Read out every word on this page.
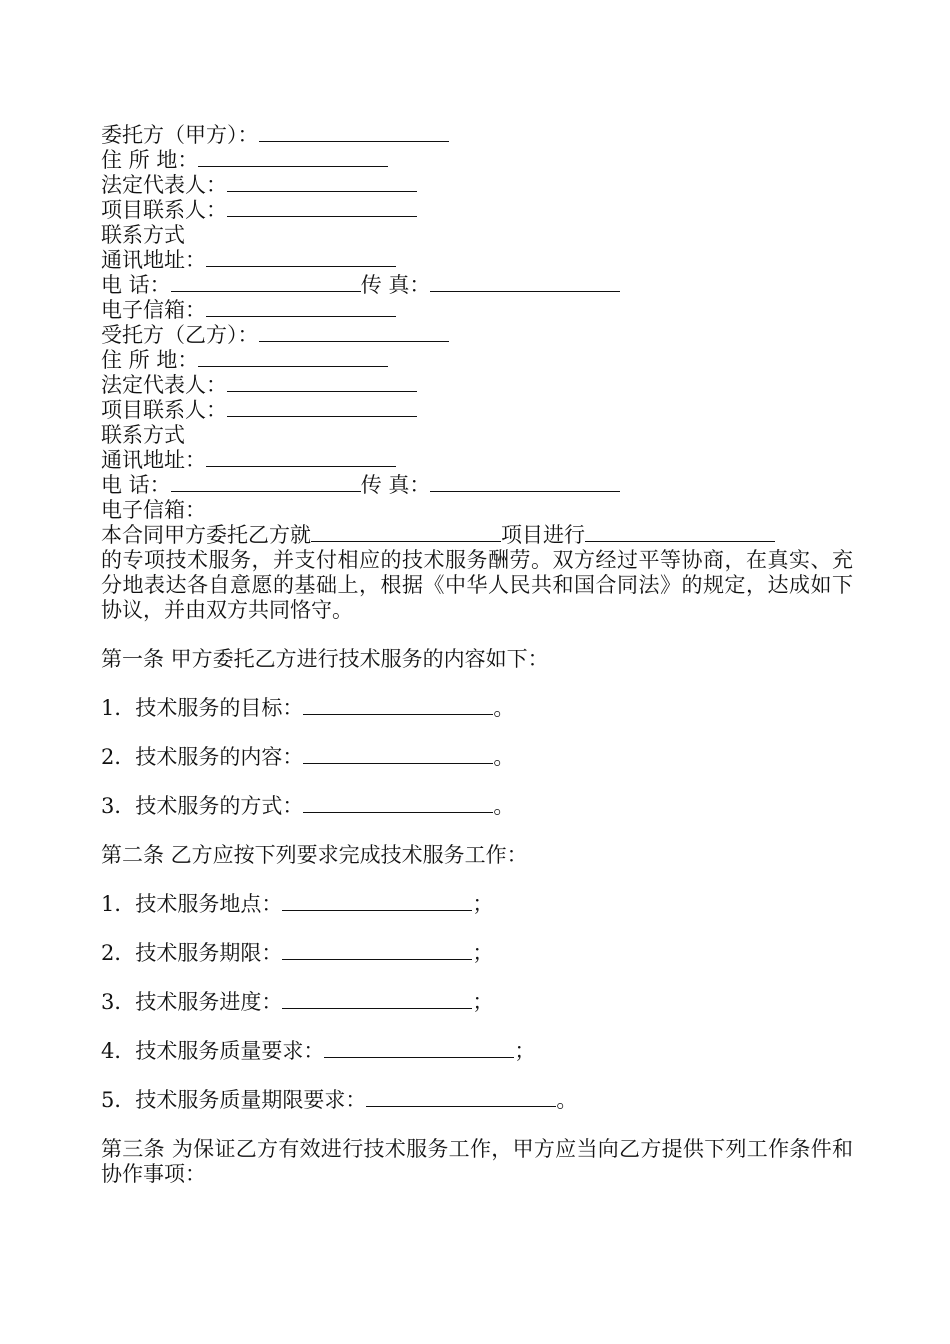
委托方（甲方）：
住 所 地：
法定代表人：
项目联系人：
联系方式
通讯地址：
电 话：	传 真：
电子信箱：
受托方（乙方）：
住 所 地：
法定代表人：
项目联系人：
联系方式
通讯地址：
电 话：	传 真：
电子信箱：
本合同甲方委托乙方就	项目进行
的专项技术服务，并支付相应的技术服务酬劳。双方经过平等协商，在真实、充分地表达各自意愿的基础上，根据《中华人民共和国合同法》的规定，达成如下协议，并由双方共同恪守。
第一条 甲方委托乙方进行技术服务的内容如下：
1．技术服务的目标：	。
2．技术服务的内容：	。
3．技术服务的方式：	。
第二条 乙方应按下列要求完成技术服务工作：
1．技术服务地点：	；
2．技术服务期限：	；
3．技术服务进度：	；
4．技术服务质量要求：	；
5．技术服务质量期限要求：	。
第三条 为保证乙方有效进行技术服务工作，甲方应当向乙方提供下列工作条件和协作事项：
